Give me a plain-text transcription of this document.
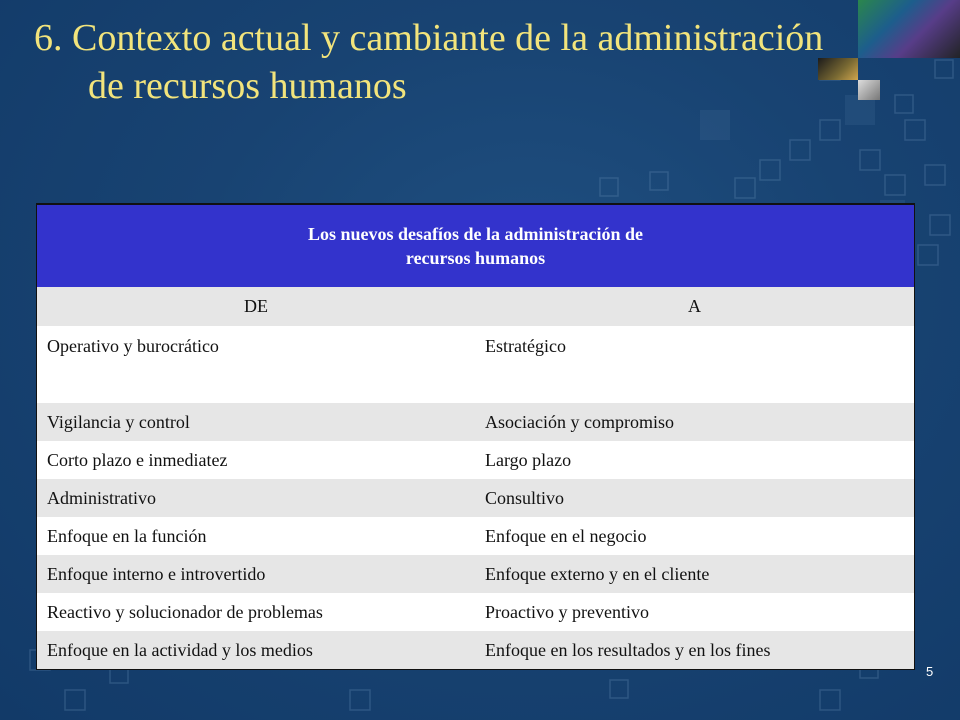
6. Contexto actual y cambiante de la administración
de recursos humanos
Los nuevos desafíos de la administración de
recursos humanos	
DE	A
Operativo y burocrático	Estratégico
Vigilancia y control	Asociación y compromiso
Corto plazo e inmediatez	Largo plazo
Administrativo	Consultivo
Enfoque en la función	Enfoque en el negocio
Enfoque interno e introvertido	Enfoque externo y en el cliente
Reactivo y solucionador de problemas	Proactivo y preventivo
Enfoque en la actividad y los medios	Enfoque en los resultados y en los fines
5
